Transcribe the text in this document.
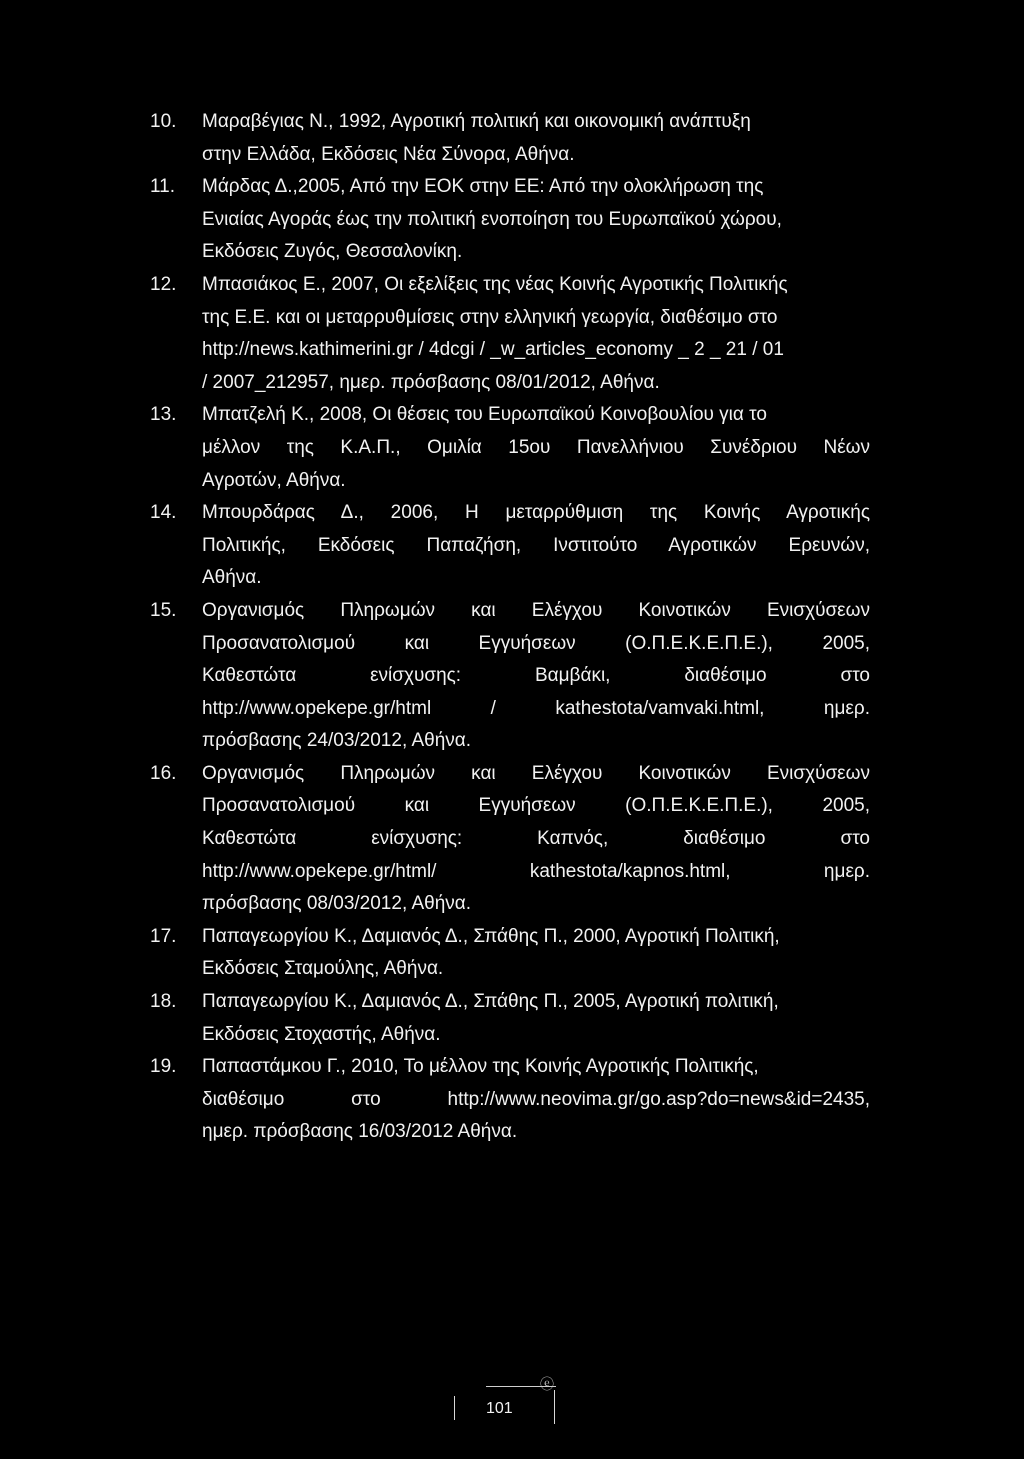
10.	Μαραβέγιας Ν., 1992, Αγροτική πολιτική και οικονομική ανάπτυξη
στην Ελλάδα, Εκδόσεις Νέα Σύνορα, Αθήνα.
11.	Μάρδας Δ.,2005, Από την ΕΟΚ στην ΕΕ: Από την ολοκλήρωση της
Ενιαίας Αγοράς έως την πολιτική ενοποίηση του Ευρωπαϊκού χώρου,
Εκδόσεις Ζυγός, Θεσσαλονίκη.
12.	Μπασιάκος Ε., 2007, Οι εξελίξεις της νέας Κοινής Αγροτικής Πολιτικής
της Ε.Ε. και οι μεταρρυθμίσεις στην ελληνική γεωργία, διαθέσιμο στο
http://news.kathimerini.gr / 4dcgi / _w_articles_economy _ 2 _ 21 / 01
/ 2007_212957, ημερ. πρόσβασης 08/01/2012, Αθήνα.
13.	Μπατζελή Κ., 2008, Οι θέσεις του Ευρωπαϊκού Κοινοβουλίου για το
μέλλον της Κ.Α.Π., Ομιλία 15ου Πανελλήνιου Συνέδριου Νέων
Αγροτών, Αθήνα.
14.	Μπουρδάρας Δ., 2006, Η μεταρρύθμιση της Κοινής Αγροτικής
Πολιτικής, Εκδόσεις Παπαζήση, Ινστιτούτο Αγροτικών Ερευνών,
Αθήνα.
15.	Οργανισμός Πληρωμών και Ελέγχου Κοινοτικών Ενισχύσεων
Προσανατολισμού και Εγγυήσεων (Ο.Π.Ε.Κ.Ε.Π.Ε.), 2005,
Καθεστώτα ενίσχυσης: Βαμβάκι, διαθέσιμο στο
http://www.opekepe.gr/html / kathestota/vamvaki.html, ημερ.
πρόσβασης 24/03/2012, Αθήνα.
16.	Οργανισμός Πληρωμών και Ελέγχου Κοινοτικών Ενισχύσεων
Προσανατολισμού και Εγγυήσεων (Ο.Π.Ε.Κ.Ε.Π.Ε.), 2005,
Καθεστώτα ενίσχυσης: Καπνός, διαθέσιμο στο
http://www.opekepe.gr/html/ kathestota/kapnos.html, ημερ.
πρόσβασης 08/03/2012, Αθήνα.
17.	Παπαγεωργίου Κ., Δαμιανός Δ., Σπάθης Π., 2000, Αγροτική Πολιτική,
Εκδόσεις Σταμούλης, Αθήνα.
18.	Παπαγεωργίου Κ., Δαμιανός Δ., Σπάθης Π., 2005, Αγροτική πολιτική,
Εκδόσεις Στοχαστής, Αθήνα.
19.	Παπαστάμκου Γ., 2010, Το μέλλον της Κοινής Αγροτικής Πολιτικής,
διαθέσιμο στο http://www.neovima.gr/go.asp?do=news&id=2435,
ημερ. πρόσβασης 16/03/2012 Αθήνα.
ⓔ
101
